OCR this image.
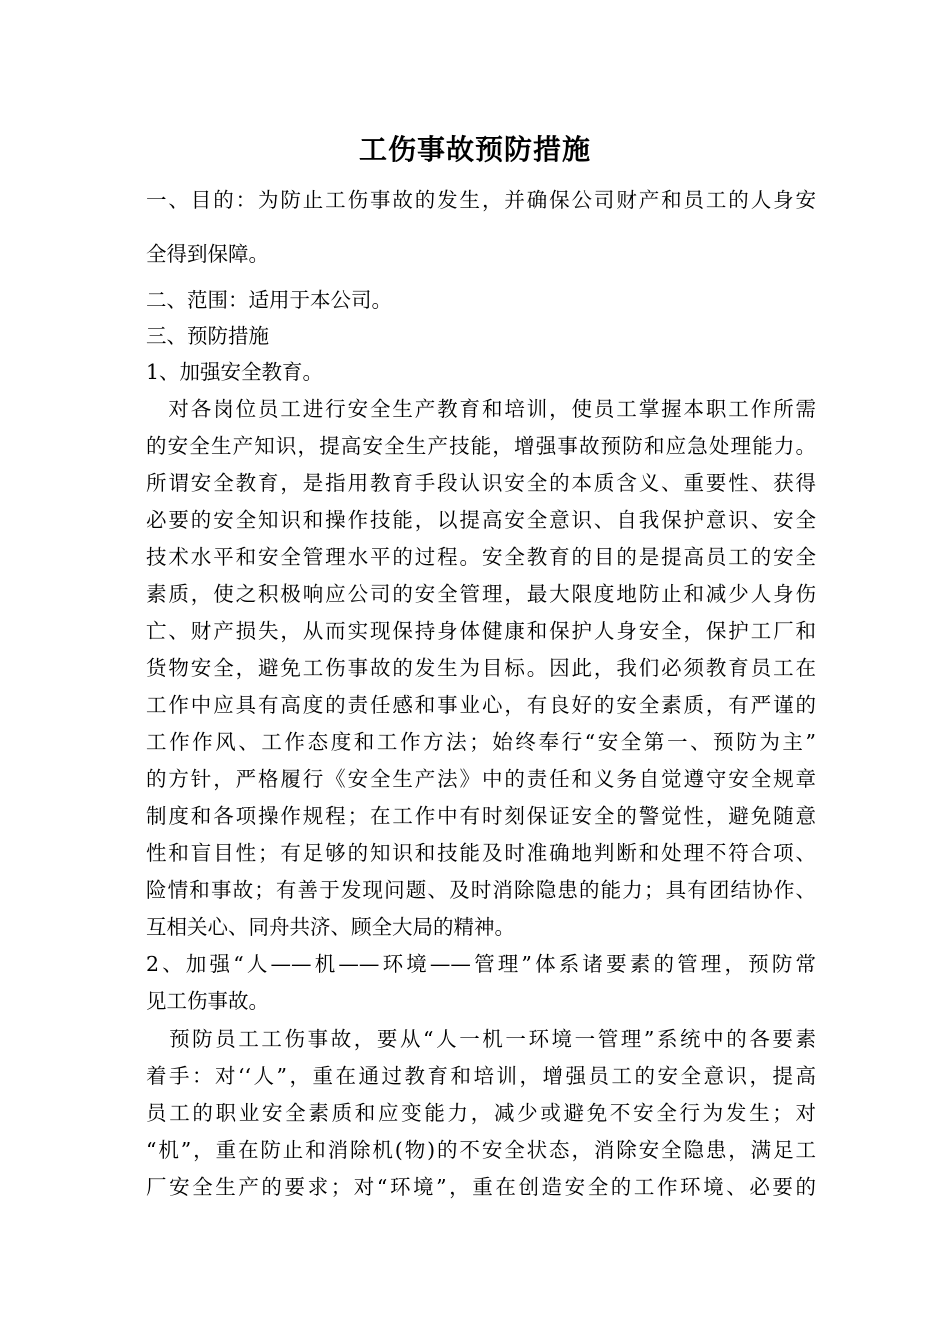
工伤事故预防措施
一、目的：为防止工伤事故的发生，并确保公司财产和员工的人身安
全得到保障。
二、范围：适用于本公司。
三、预防措施
1、加强安全教育。
　对各岗位员工进行安全生产教育和培训，使员工掌握本职工作所需
的安全生产知识，提高安全生产技能，增强事故预防和应急处理能力。
所谓安全教育，是指用教育手段认识安全的本质含义、重要性、获得
必要的安全知识和操作技能，以提高安全意识、自我保护意识、安全
技术水平和安全管理水平的过程。安全教育的目的是提高员工的安全
素质，使之积极响应公司的安全管理，最大限度地防止和减少人身伤
亡、财产损失，从而实现保持身体健康和保护人身安全，保护工厂和
货物安全，避免工伤事故的发生为目标。因此，我们必须教育员工在
工作中应具有高度的责任感和事业心，有良好的安全素质，有严谨的
工作作风、工作态度和工作方法；始终奉行“安全第一、预防为主”
的方针，严格履行《安全生产法》中的责任和义务自觉遵守安全规章
制度和各项操作规程；在工作中有时刻保证安全的警觉性，避免随意
性和盲目性；有足够的知识和技能及时准确地判断和处理不符合项、
险情和事故；有善于发现问题、及时消除隐患的能力；具有团结协作、
互相关心、同舟共济、顾全大局的精神。
2、加强“人——机——环境——管理”体系诸要素的管理，预防常
见工伤事故。
　预防员工工伤事故，要从“人一机一环境一管理”系统中的各要素
着手：对‘‘人”，重在通过教育和培训，增强员工的安全意识，提高
员工的职业安全素质和应变能力，减少或避免不安全行为发生；对
“机”，重在防止和消除机(物)的不安全状态，消除安全隐患，满足工
厂安全生产的要求；对“环境”，重在创造安全的工作环境、必要的
